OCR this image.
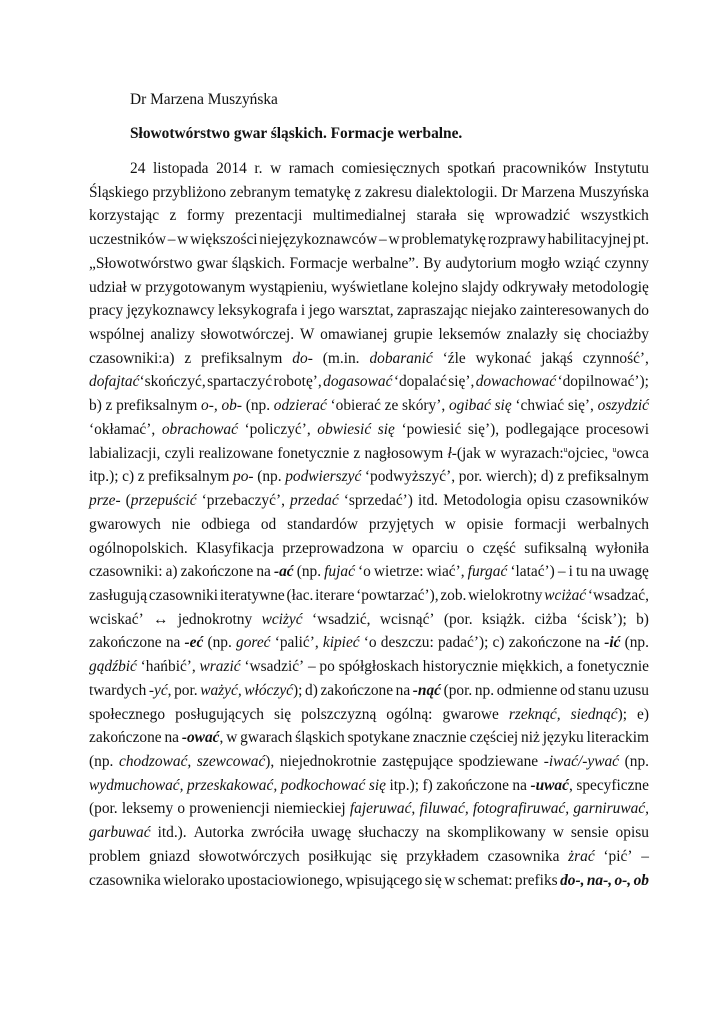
Dr Marzena Muszyńska
Słowotwórstwo gwar śląskich. Formacje werbalne.
24 listopada 2014 r. w ramach comiesięcznych spotkań pracowników Instytutu
Śląskiego przybliżono zebranym tematykę z zakresu dialektologii. Dr Marzena Muszyńska
korzystając z formy prezentacji multimedialnej starała się wprowadzić wszystkich
uczestników – w większości niejęzykoznawców – w problematykę rozprawy habilitacyjnej pt.
„Słowotwórstwo gwar śląskich. Formacje werbalne”. By audytorium mogło wziąć czynny
udział w przygotowanym wystąpieniu, wyświetlane kolejno slajdy odkrywały metodologię
pracy językoznawcy leksykografa i jego warsztat, zapraszając niejako zainteresowanych do
wspólnej analizy słowotwórczej. W omawianej grupie leksemów znalazły się chociażby
czasowniki:a) z prefiksalnym do- (m.in. dobaranić ‘źle wykonać jakąś czynność’,
dofajtać‘skończyć, spartaczyć robotę’, dogasować ‘dopalać się’, dowachować ‘dopilnować’);
b) z prefiksalnym o-, ob- (np. odzierać ‘obierać ze skóry’, ogibać się ‘chwiać się’, oszydzić
‘okłamać’, obrachować ‘policzyć’, obwiesić się ‘powiesić się’), podlegające procesowi
labializacji, czyli realizowane fonetycznie z nagłosowym ł-(jak w wyrazach:$^u$ojciec, $^u$owca
itp.); c) z prefiksalnym po- (np. podwierszyć ‘podwyższyć’, por. wierch); d) z prefiksalnym
prze- (przepuścić ‘przebaczyć’, przedać ‘sprzedać’) itd. Metodologia opisu czasowników
gwarowych nie odbiega od standardów przyjętych w opisie formacji werbalnych
ogólnopolskich. Klasyfikacja przeprowadzona w oparciu o część sufiksalną wyłoniła
czasowniki: a) zakończone na -ać (np. fujać ‘o wietrze: wiać’, furgać ‘latać’) – i tu na uwagę
zasługują czasowniki iteratywne (łac. iterare ‘powtarzać’), zob. wielokrotny wciżać ‘wsadzać,
wciskać’ ↔ jednokrotny wciżyć ‘wsadzić, wcisnąć’ (por. książk. ciżba ‘ścisk’); b)
zakończone na -eć (np. goreć ‘palić’, kipieć ‘o deszczu: padać’); c) zakończone na -ić (np.
gądźbić ‘hańbić’, wrazić ‘wsadzić’ – po spółgłoskach historycznie miękkich, a fonetycznie
twardych -yć, por. ważyć, włóczyć); d) zakończone na -nąć (por. np. odmienne od stanu uzusu
społecznego posługujących się polszczyzną ogólną: gwarowe rzeknąć, siednąć); e)
zakończone na -ować, w gwarach śląskich spotykane znacznie częściej niż języku literackim
(np. chodzować, szewcować), niejednokrotnie zastępujące spodziewane -iwać/-ywać (np.
wydmuchować, przeskakować, podkochować się itp.); f) zakończone na -uwać, specyficzne
(por. leksemy o proweniencji niemieckiej fajeruwać, filuwać, fotografiruwać, garniruwać,
garbuwać itd.). Autorka zwróciła uwagę słuchaczy na skomplikowany w sensie opisu
problem gniazd słowotwórczych posiłkując się przykładem czasownika żrać ‘pić’ –
czasownika wielorako upostaciowionego, wpisującego się w schemat: prefiks do-, na-, o-, ob
